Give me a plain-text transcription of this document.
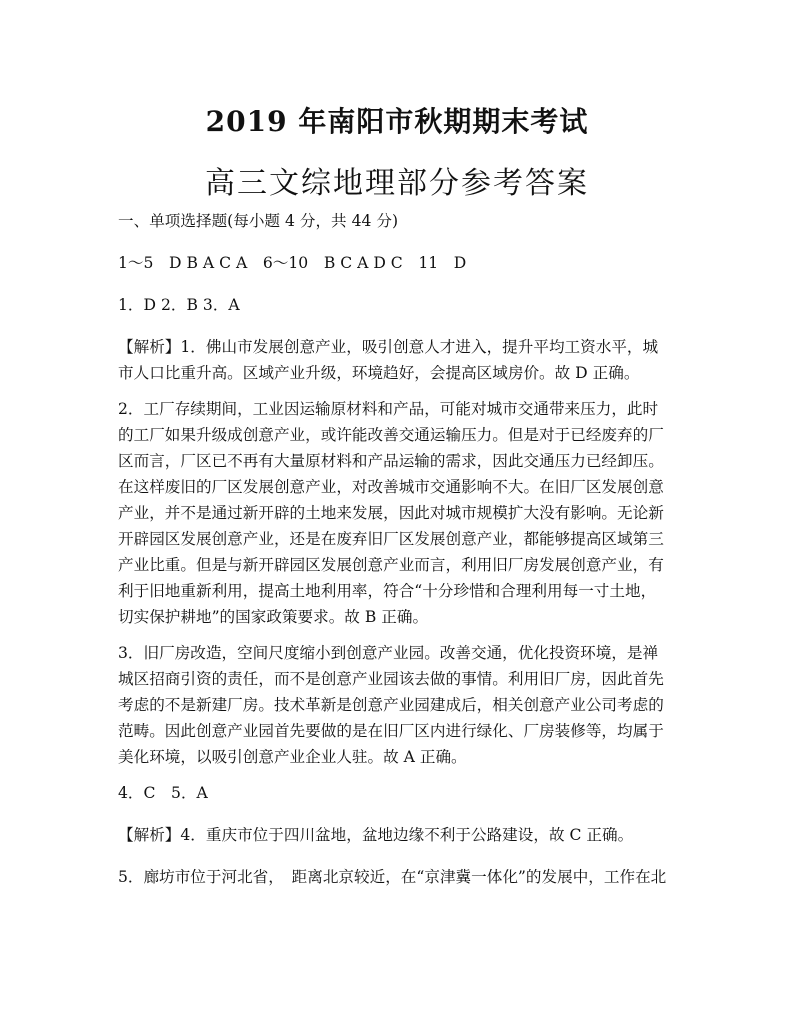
2019 年南阳市秋期期末考试
高三文综地理部分参考答案
一、单项选择题(每小题 4 分，共 44 分)
1～5　D B A C A　6～10　B C A D C　11　D
1．D 2．B 3．A
【解析】1．佛山市发展创意产业，吸引创意人才进入，提升平均工资水平，城
市人口比重升高。区域产业升级，环境趋好，会提高区域房价。故 D 正确。
2．工厂存续期间，工业因运输原材料和产品，可能对城市交通带来压力，此时
的工厂如果升级成创意产业，或许能改善交通运输压力。但是对于已经废弃的厂
区而言，厂区已不再有大量原材料和产品运输的需求，因此交通压力已经卸压。
在这样废旧的厂区发展创意产业，对改善城市交通影响不大。在旧厂区发展创意
产业，并不是通过新开辟的土地来发展，因此对城市规模扩大没有影响。无论新
开辟园区发展创意产业，还是在废弃旧厂区发展创意产业，都能够提高区域第三
产业比重。但是与新开辟园区发展创意产业而言，利用旧厂房发展创意产业，有
利于旧地重新利用，提高土地利用率，符合“十分珍惜和合理利用每一寸土地，
切实保护耕地”的国家政策要求。故 B 正确。
3．旧厂房改造，空间尺度缩小到创意产业园。改善交通，优化投资环境，是禅
城区招商引资的责任，而不是创意产业园该去做的事情。利用旧厂房，因此首先
考虑的不是新建厂房。技术革新是创意产业园建成后，相关创意产业公司考虑的
范畴。因此创意产业园首先要做的是在旧厂区内进行绿化、厂房装修等，均属于
美化环境，以吸引创意产业企业人驻。故 A 正确。
4．C　5．A
【解析】4．重庆市位于四川盆地，盆地边缘不利于公路建设，故 C 正确。
5．廊坊市位于河北省，　距离北京较近，在“京津冀一体化”的发展中，工作在北
